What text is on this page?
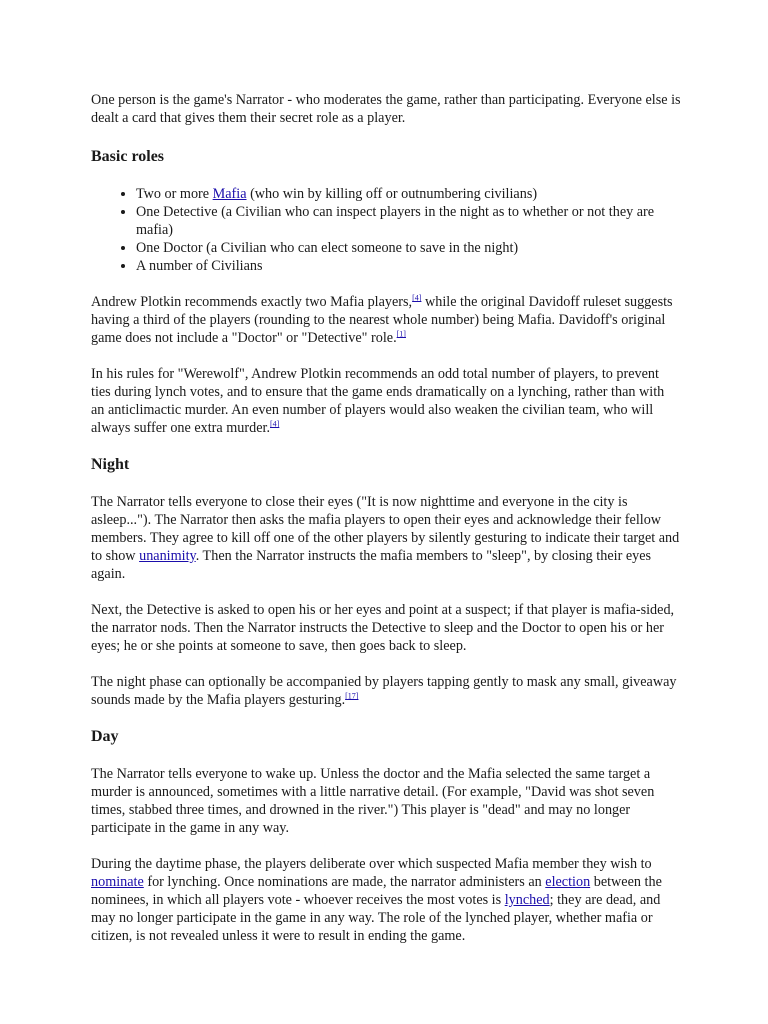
One person is the game's Narrator - who moderates the game, rather than participating. Everyone else is dealt a card that gives them their secret role as a player.

Basic roles
• Two or more Mafia (who win by killing off or outnumbering civilians)
• One Detective (a Civilian who can inspect players in the night as to whether or not they are mafia)
• One Doctor (a Civilian who can elect someone to save in the night)
• A number of Civilians

Andrew Plotkin recommends exactly two Mafia players,[4] while the original Davidoff ruleset suggests having a third of the players (rounding to the nearest whole number) being Mafia. Davidoff's original game does not include a "Doctor" or "Detective" role.[1]

In his rules for "Werewolf", Andrew Plotkin recommends an odd total number of players, to prevent ties during lynch votes, and to ensure that the game ends dramatically on a lynching, rather than with an anticlimactic murder. An even number of players would also weaken the civilian team, who will always suffer one extra murder.[4]

Night

The Narrator tells everyone to close their eyes ("It is now nighttime and everyone in the city is asleep..."). The Narrator then asks the mafia players to open their eyes and acknowledge their fellow members. They agree to kill off one of the other players by silently gesturing to indicate their target and to show unanimity. Then the Narrator instructs the mafia members to "sleep", by closing their eyes again.

Next, the Detective is asked to open his or her eyes and point at a suspect; if that player is mafia-sided, the narrator nods. Then the Narrator instructs the Detective to sleep and the Doctor to open his or her eyes; he or she points at someone to save, then goes back to sleep.

The night phase can optionally be accompanied by players tapping gently to mask any small, giveaway sounds made by the Mafia players gesturing.[17]

Day

The Narrator tells everyone to wake up. Unless the doctor and the Mafia selected the same target a murder is announced, sometimes with a little narrative detail. (For example, "David was shot seven times, stabbed three times, and drowned in the river.") This player is "dead" and may no longer participate in the game in any way.

During the daytime phase, the players deliberate over which suspected Mafia member they wish to nominate for lynching. Once nominations are made, the narrator administers an election between the nominees, in which all players vote - whoever receives the most votes is lynched; they are dead, and may no longer participate in the game in any way. The role of the lynched player, whether mafia or citizen, is not revealed unless it were to result in ending the game.
